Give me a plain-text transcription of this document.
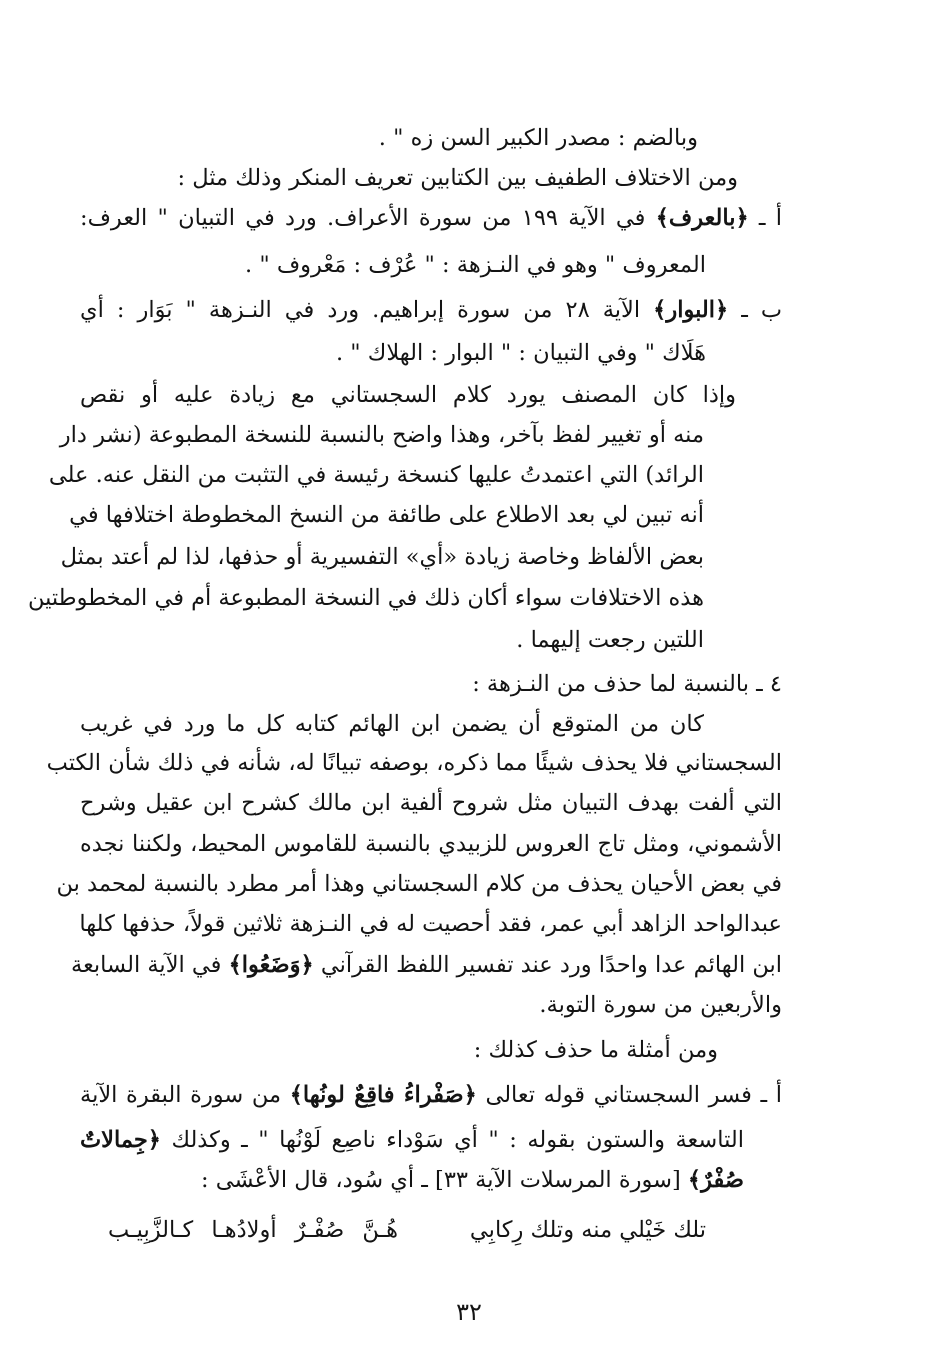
وبالضم : مصدر الكبير السن زه " .
ومن الاختلاف الطفيف بين الكتابين تعريف المنكر وذلك مثل :
أ ـ ﴿بالعرف﴾ في الآية ١٩٩ من سورة الأعراف. ورد في التبيان " العرف:
المعروف " وهو في النـزهة : " عُرْف : مَعْروف " .
ب ـ ﴿البوار﴾ الآية ٢٨ من سورة إبراهيم. ورد في النـزهة " بَوَار : أي
هَلَاك " وفي التبيان : " البوار : الهلاك " .
وإذا كان المصنف يورد كلام السجستاني مع زيادة عليه أو نقص
منه أو تغيير لفظ بآخر، وهذا واضح بالنسبة للنسخة المطبوعة (نشر دار
الرائد) التي اعتمدتُ عليها كنسخة رئيسة في التثبت من النقل عنه. على
أنه تبين لي بعد الاطلاع على طائفة من النسخ المخطوطة اختلافها في
بعض الألفاظ وخاصة زيادة «أي» التفسيرية أو حذفها، لذا لم أعتد بمثل
هذه الاختلافات سواء أكان ذلك في النسخة المطبوعة أم في المخطوطتين
اللتين رجعت إليهما .
٤ ـ بالنسبة لما حذف من النـزهة :
كان من المتوقع أن يضمن ابن الهائم كتابه كل ما ورد في غريب
السجستاني فلا يحذف شيئًا مما ذكره، بوصفه تبيانًا له، شأنه في ذلك شأن الكتب
التي ألفت بهدف التبيان مثل شروح ألفية ابن مالك كشرح ابن عقيل وشرح
الأشموني، ومثل تاج العروس للزبيدي بالنسبة للقاموس المحيط، ولكننا نجده
في بعض الأحيان يحذف من كلام السجستاني وهذا أمر مطرد بالنسبة لمحمد بن
عبدالواحد الزاهد أبي عمر، فقد أحصيت له في النـزهة ثلاثين قولاً، حذفها كلها
ابن الهائم عدا واحدًا ورد عند تفسير اللفظ القرآني ﴿وَضَعُوا﴾ في الآية السابعة
والأربعين من سورة التوبة.
ومن أمثلة ما حذف كذلك :
أ ـ فسر السجستاني قوله تعالى ﴿صَفْراءُ فاقِعٌ لونُها﴾ من سورة البقرة الآية
التاسعة والستون بقوله : " أي سَوْداء ناصِع لَوْنُها " ـ وكذلك ﴿جِمالاتٌ
صُفْرٌ﴾ [سورة المرسلات الآية ٣٣] ـ أي سُود، قال الأعْشَى :
تلك خَيْلي منه وتلك رِكابِي
هُـنَّ صُفْـرٌ أولادُهـا كـالزَّبِيـب
٣٢
